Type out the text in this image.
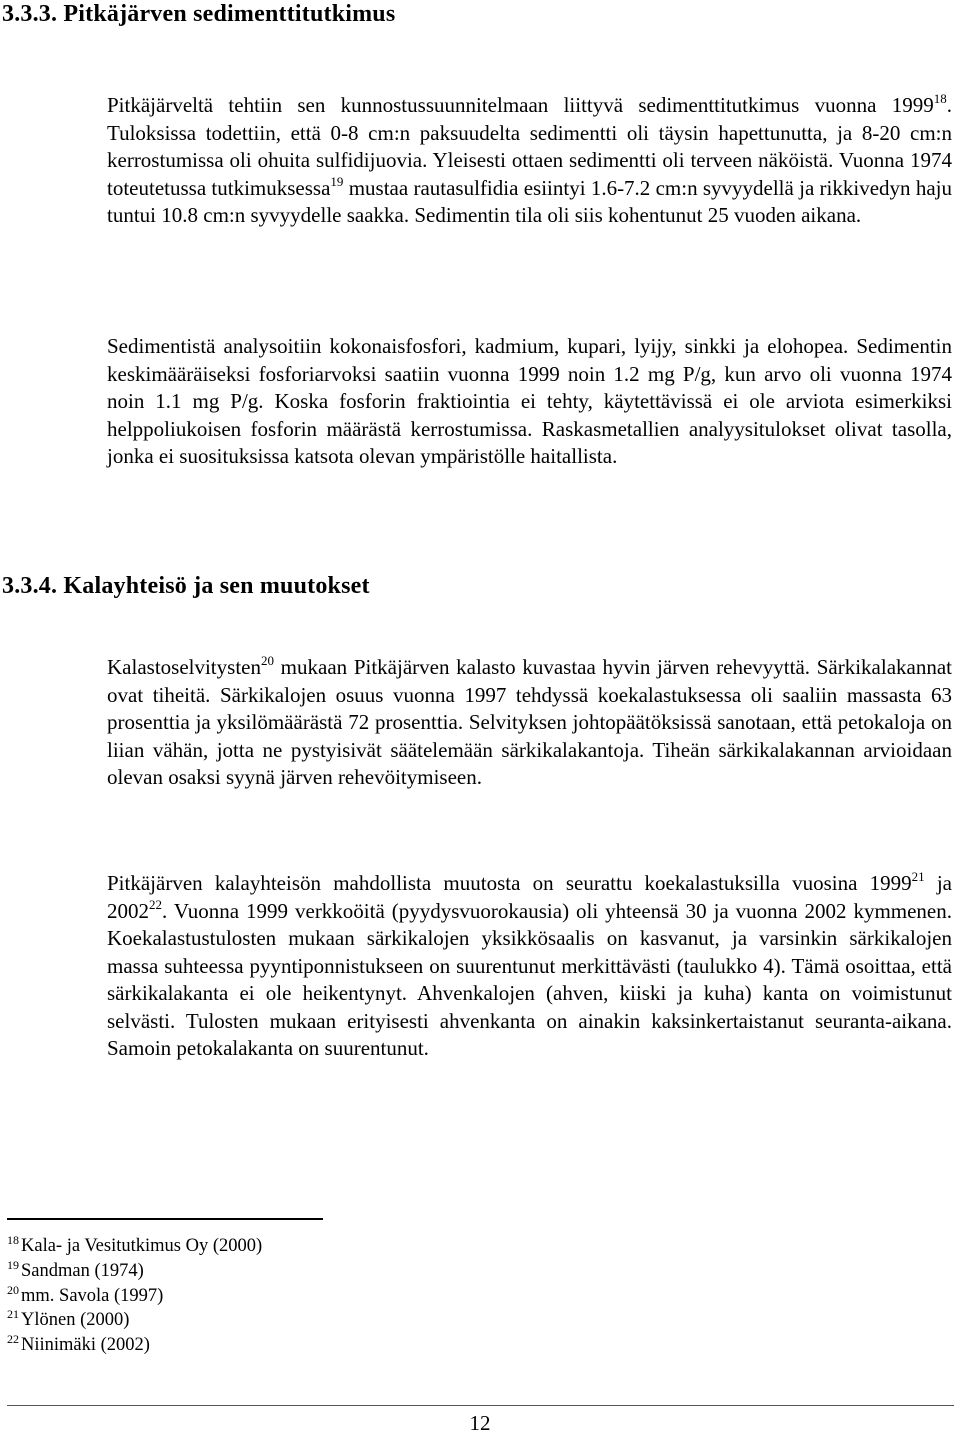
3.3.3. Pitkäjärven sedimenttitutkimus

Pitkäjärveltä tehtiin sen kunnostussuunnitelmaan liittyvä sedimenttitutkimus vuonna 1999$^{18}$. Tuloksissa todettiin, että 0-8 cm:n paksuudelta sedimentti oli täysin hapettunutta, ja 8-20 cm:n kerrostumissa oli ohuita sulfidijuovia. Yleisesti ottaen sedimentti oli terveen näköistä. Vuonna 1974 toteutetussa tutkimuksessa$^{19}$ mustaa rautasulfidia esiintyi 1.6-7.2 cm:n syvyydellä ja rikkivedyn haju tuntui 10.8 cm:n syvyydelle saakka. Sedimentin tila oli siis kohentunut 25 vuoden aikana.

Sedimentistä analysoitiin kokonaisfosfori, kadmium, kupari, lyijy, sinkki ja elohopea. Sedimentin keskimääräiseksi fosforiarvoksi saatiin vuonna 1999 noin 1.2 mg P/g, kun arvo oli vuonna 1974 noin 1.1 mg P/g. Koska fosforin fraktiointia ei tehty, käytettävissä ei ole arviota esimerkiksi helppoliukoisen fosforin määrästä kerrostumissa. Raskasmetallien analyysitulokset olivat tasolla, jonka ei suosituksissa katsota olevan ympäristölle haitallista.

3.3.4. Kalayhteisö ja sen muutokset

Kalastoselvitysten$^{20}$ mukaan Pitkäjärven kalasto kuvastaa hyvin järven rehevyyttä. Särkikalakannat ovat tiheitä. Särkikalojen osuus vuonna 1997 tehdyssä koekalastuksessa oli saaliin massasta 63 prosenttia ja yksilömäärästä 72 prosenttia. Selvityksen johtopäätöksissä sanotaan, että petokaloja on liian vähän, jotta ne pystyisivät säätelemään särkikalakantoja. Tiheän särkikalakannan arvioidaan olevan osaksi syynä järven rehevöitymiseen.

Pitkäjärven kalayhteisön mahdollista muutosta on seurattu koekalastuksilla vuosina 1999$^{21}$ ja 2002$^{22}$. Vuonna 1999 verkkoöitä (pyydysvuorokausia) oli yhteensä 30 ja vuonna 2002 kymmenen. Koekalastustulosten mukaan särkikalojen yksikkösaalis on kasvanut, ja varsinkin särkikalojen massa suhteessa pyyntiponnistukseen on suurentunut merkittävästi (taulukko 4). Tämä osoittaa, että särkikalakanta ei ole heikentynyt. Ahvenkalojen (ahven, kiiski ja kuha) kanta on voimistunut selvästi. Tulosten mukaan erityisesti ahvenkanta on ainakin kaksinkertaistanut seuranta-aikana. Samoin petokalakanta on suurentunut.

$^{18}$ Kala- ja Vesitutkimus Oy (2000)

$^{19}$ Sandman (1974)

$^{20}$ mm. Savola (1997)

$^{21}$ Ylönen (2000)

$^{22}$ Niinimäki (2002)

12
